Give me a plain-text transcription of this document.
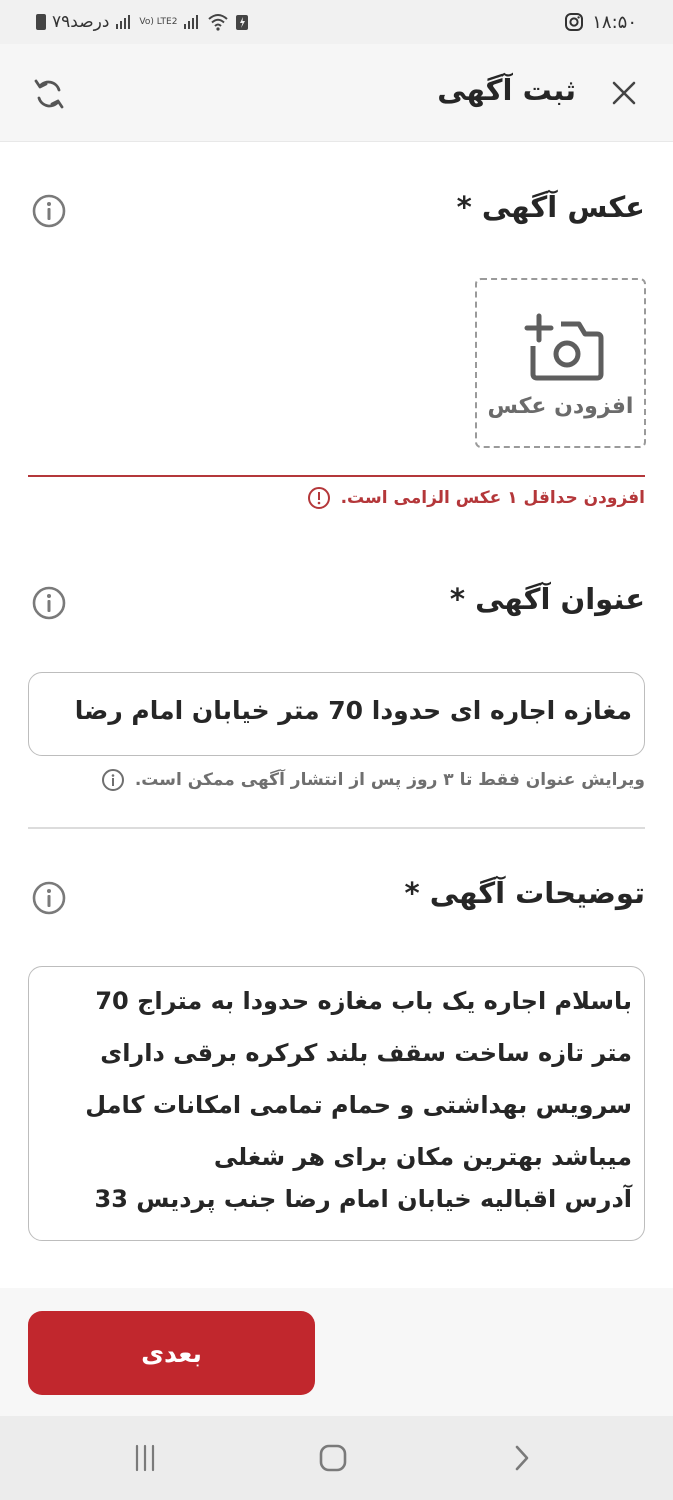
۷۹درصد	Vo) LTE2	۱۸:۵۰
ثبت آگهی
عکس آگهی *
افزودن عکس
افزودن حداقل ۱ عکس الزامی است.
عنوان آگهی *
مغازه اجاره ای حدودا 70 متر خیابان امام رضا
ویرایش عنوان فقط تا ۳ روز پس از انتشار آگهی ممکن است.
توضیحات آگهی *
باسلام اجاره یک باب مغازه حدودا به متراج 70
متر تازه ساخت سقف بلند کرکره برقی دارای
سرویس بهداشتی و حمام تمامی امکانات کامل
میباشد بهترین مکان برای هر شغلی
آدرس اقبالیه خیابان امام رضا جنب پردیس 33
بعدی
